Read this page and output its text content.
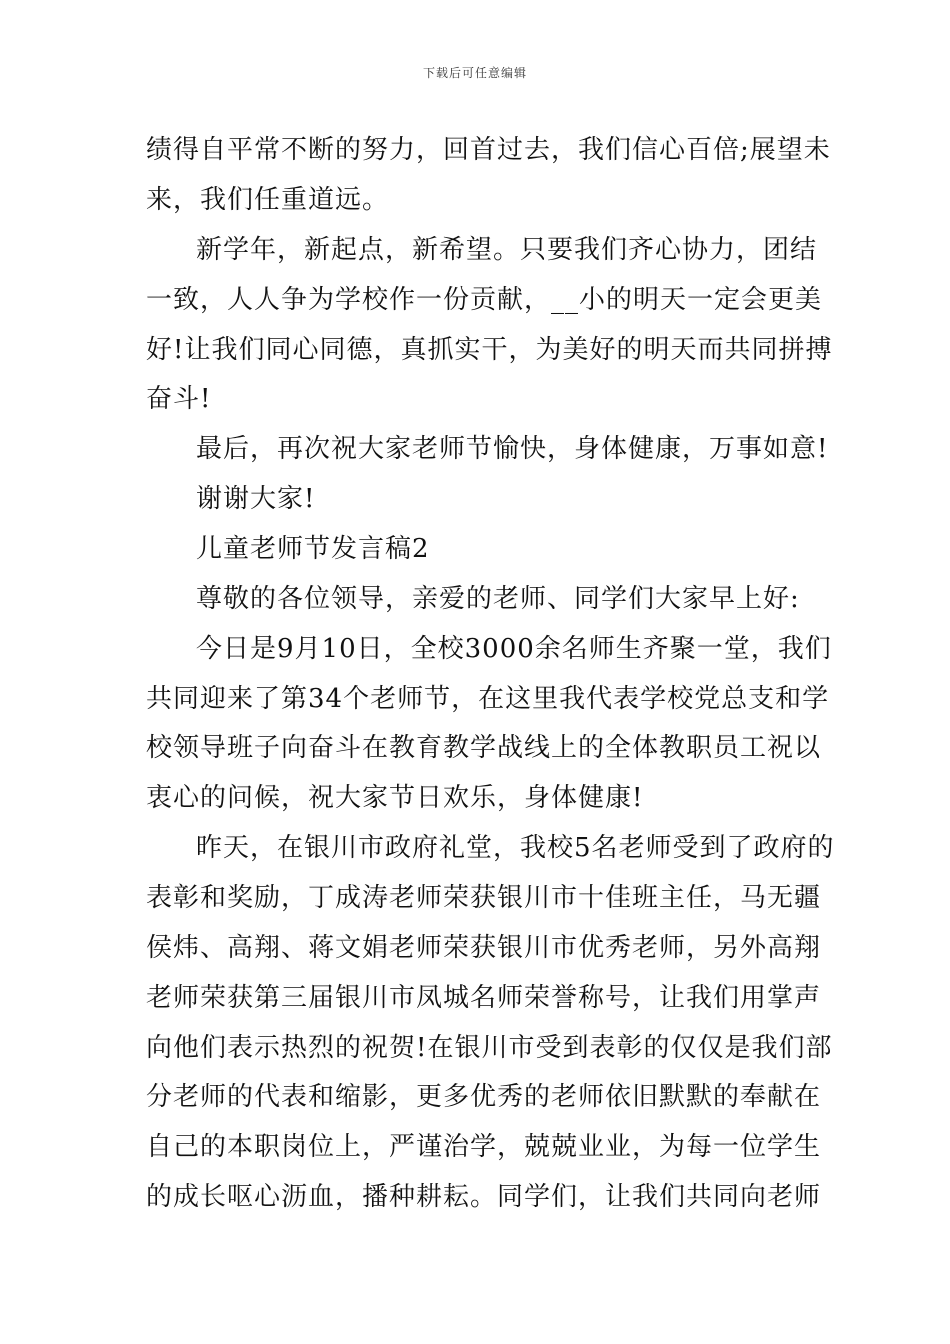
下载后可任意编辑
绩得自平常不断的努力，回首过去，我们信心百倍;展望未
来，我们任重道远。
新学年，新起点，新希望。只要我们齐心协力，团结
一致，人人争为学校作一份贡献，__小的明天一定会更美
好!让我们同心同德，真抓实干，为美好的明天而共同拼搏
奋斗!
最后，再次祝大家老师节愉快，身体健康，万事如意!
谢谢大家!
儿童老师节发言稿2
尊敬的各位领导，亲爱的老师、同学们大家早上好:
今日是9月10日，全校3000余名师生齐聚一堂，我们
共同迎来了第34个老师节，在这里我代表学校党总支和学
校领导班子向奋斗在教育教学战线上的全体教职员工祝以
衷心的问候，祝大家节日欢乐，身体健康!
昨天，在银川市政府礼堂，我校5名老师受到了政府的
表彰和奖励，丁成涛老师荣获银川市十佳班主任，马无疆
侯炜、高翔、蒋文娟老师荣获银川市优秀老师，另外高翔
老师荣获第三届银川市凤城名师荣誉称号，让我们用掌声
向他们表示热烈的祝贺!在银川市受到表彰的仅仅是我们部
分老师的代表和缩影，更多优秀的老师依旧默默的奉献在
自己的本职岗位上，严谨治学，兢兢业业，为每一位学生
的成长呕心沥血，播种耕耘。同学们，让我们共同向老师
